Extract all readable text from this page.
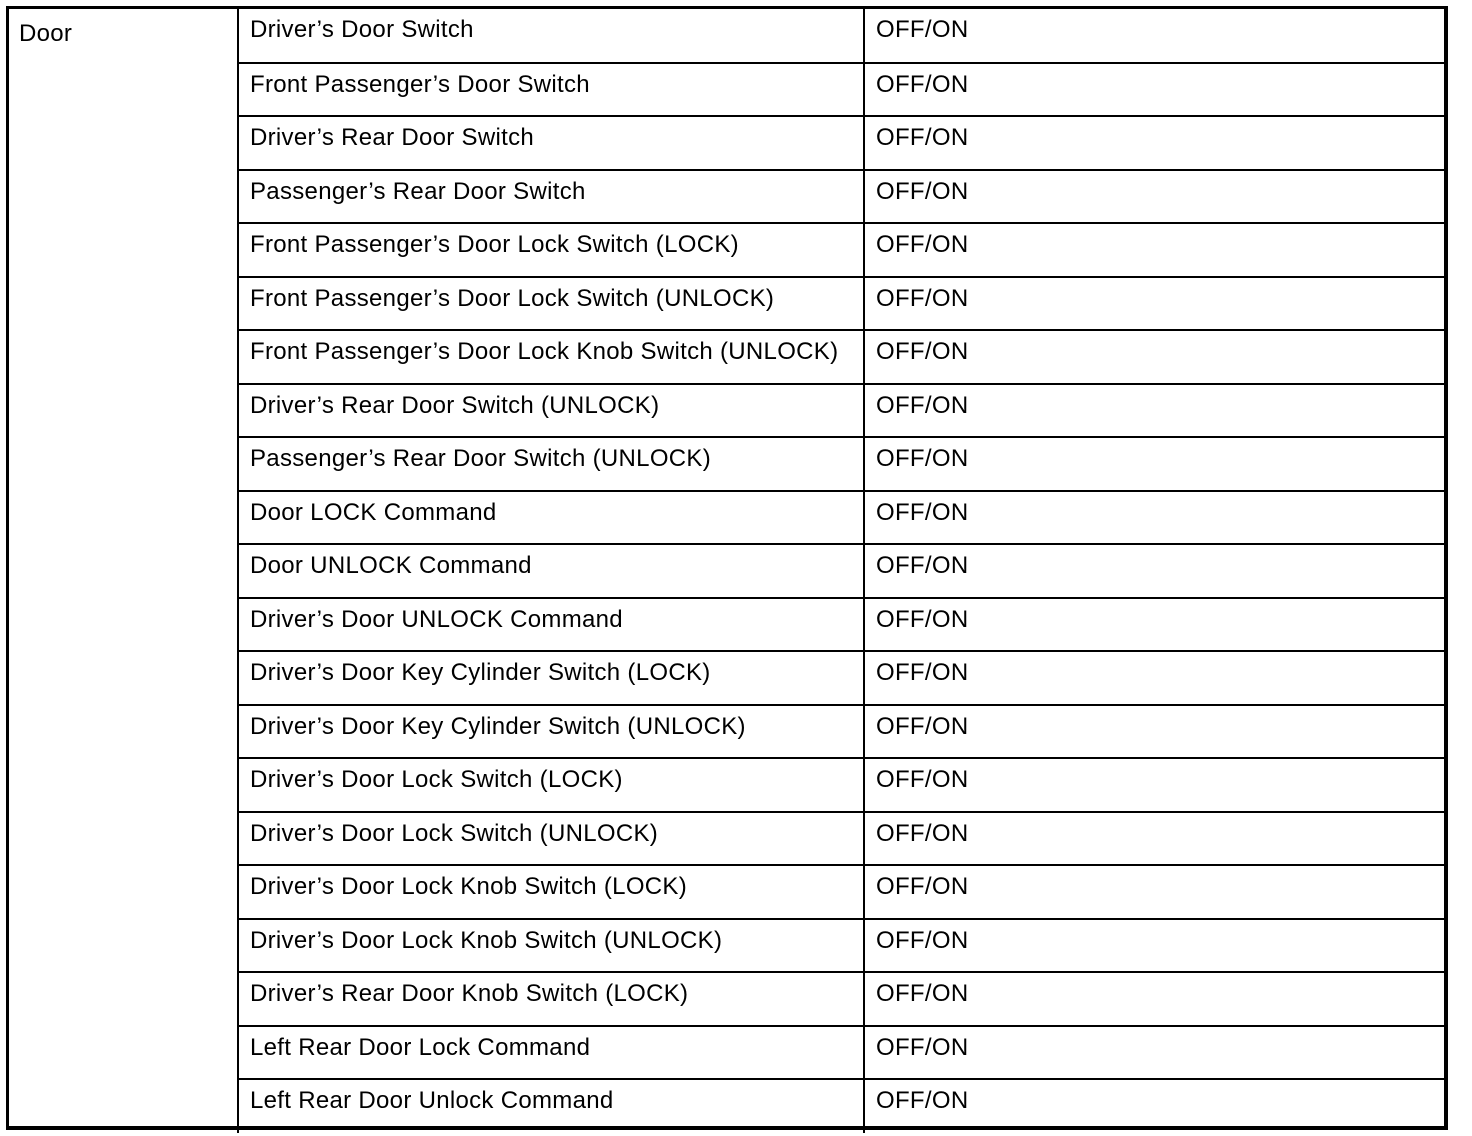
Door	Driver’s Door Switch	OFF/ON
	Front Passenger’s Door Switch	OFF/ON
	Driver’s Rear Door Switch	OFF/ON
	Passenger’s Rear Door Switch	OFF/ON
	Front Passenger’s Door Lock Switch (LOCK)	OFF/ON
	Front Passenger’s Door Lock Switch (UNLOCK)	OFF/ON
	Front Passenger’s Door Lock Knob Switch (UNLOCK)	OFF/ON
	Driver’s Rear Door Switch (UNLOCK)	OFF/ON
	Passenger’s Rear Door Switch (UNLOCK)	OFF/ON
	Door LOCK Command	OFF/ON
	Door UNLOCK Command	OFF/ON
	Driver’s Door UNLOCK Command	OFF/ON
	Driver’s Door Key Cylinder Switch (LOCK)	OFF/ON
	Driver’s Door Key Cylinder Switch (UNLOCK)	OFF/ON
	Driver’s Door Lock Switch (LOCK)	OFF/ON
	Driver’s Door Lock Switch (UNLOCK)	OFF/ON
	Driver’s Door Lock Knob Switch (LOCK)	OFF/ON
	Driver’s Door Lock Knob Switch (UNLOCK)	OFF/ON
	Driver’s Rear Door Knob Switch (LOCK)	OFF/ON
	Left Rear Door Lock Command	OFF/ON
	Left Rear Door Unlock Command	OFF/ON
